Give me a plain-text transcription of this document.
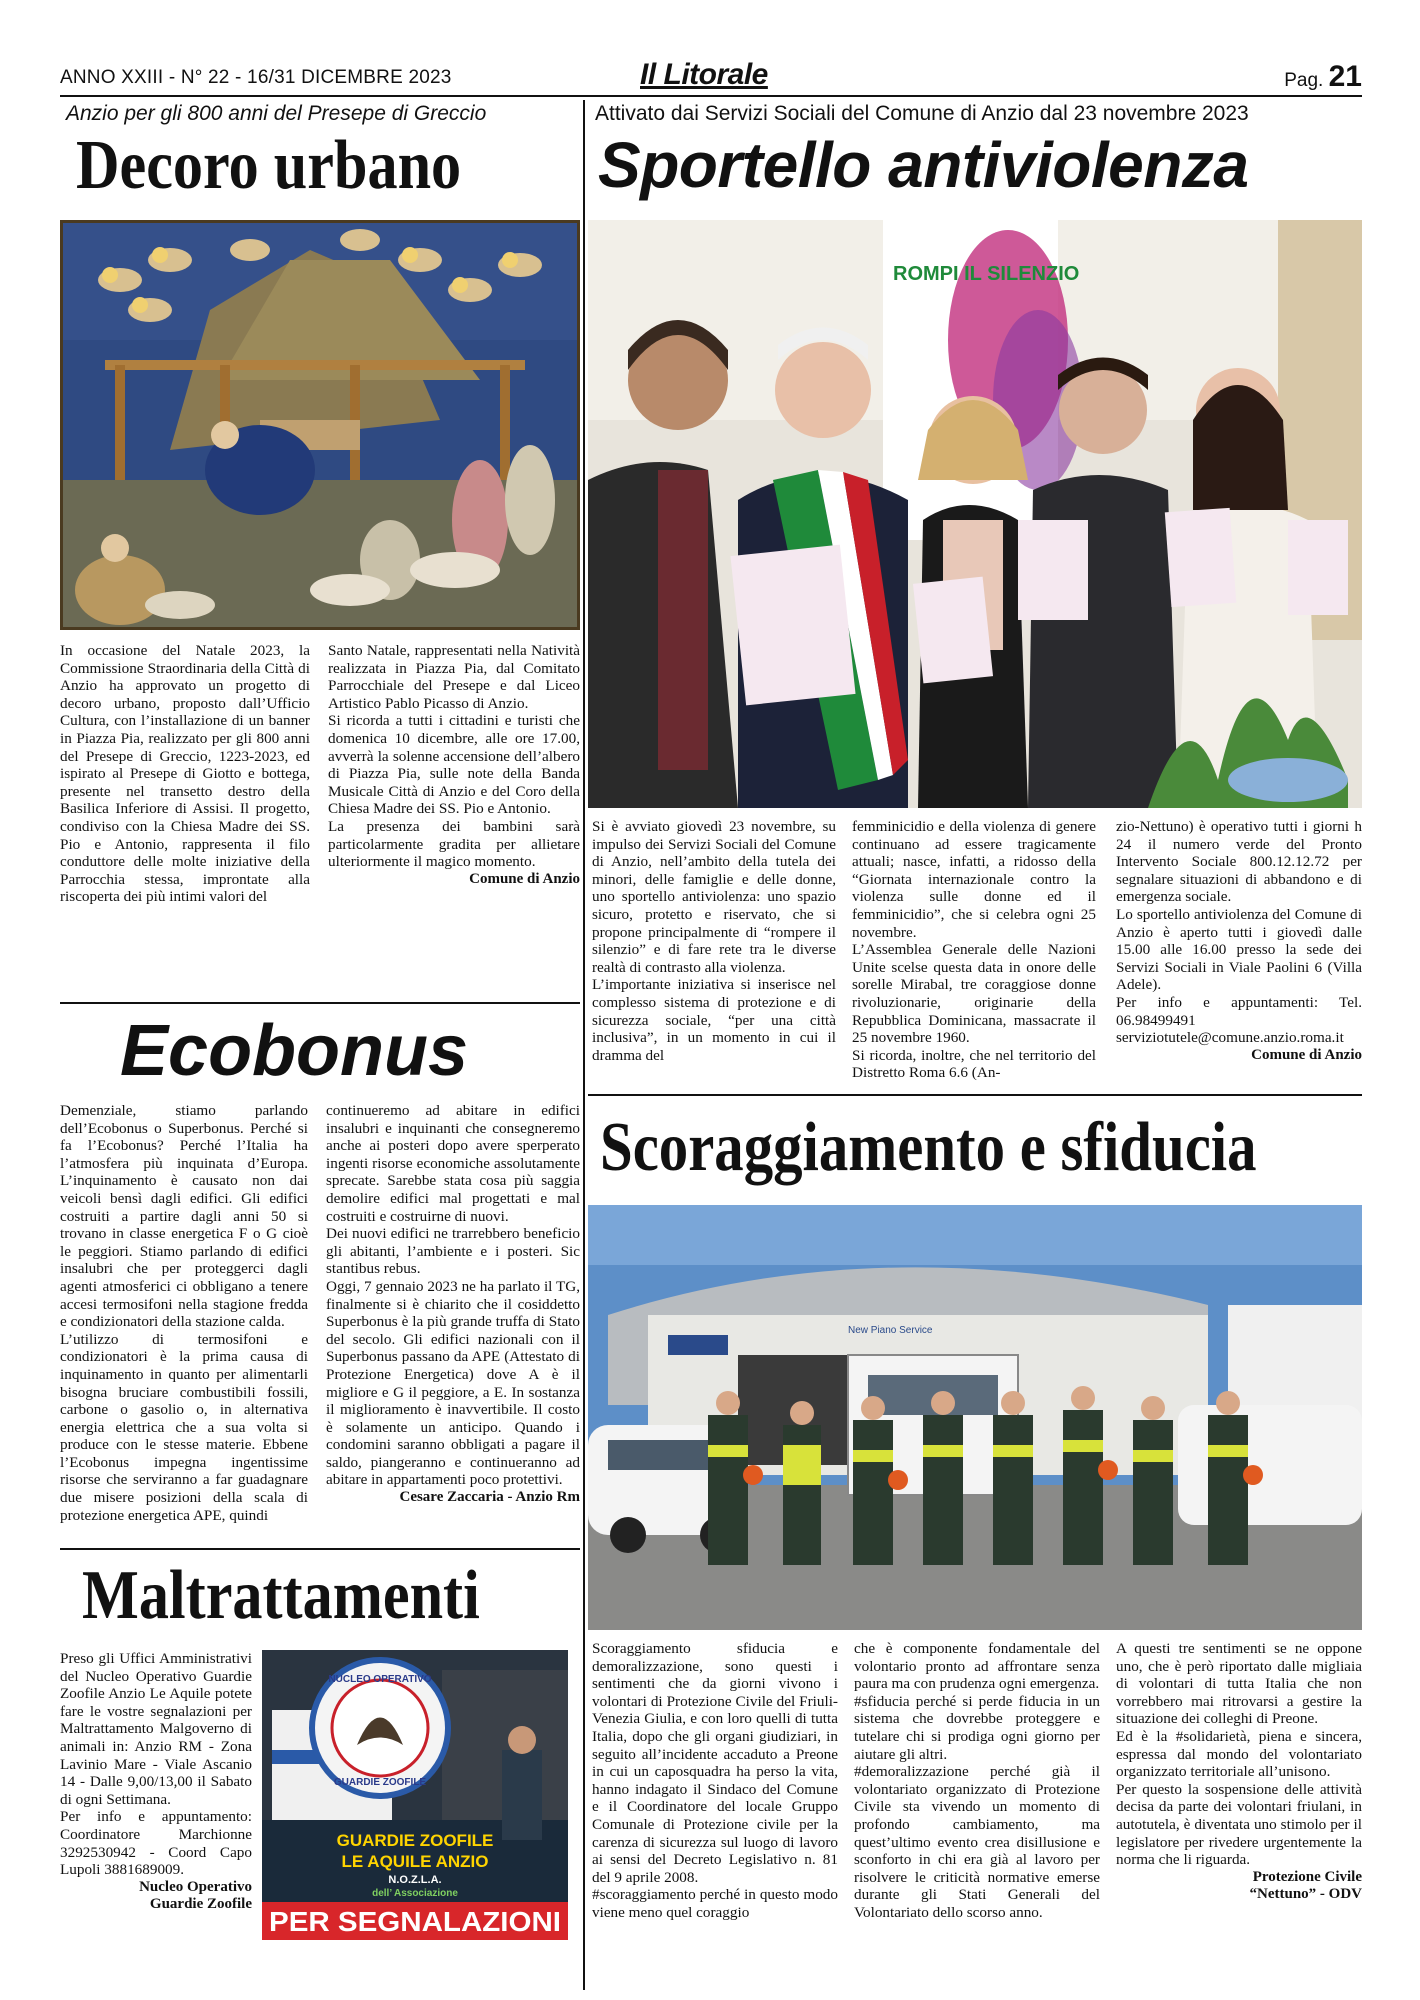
ANNO XXIII - N° 22 - 16/31 DICEMBRE 2023	Il Litorale	Pag. 21
Anzio per gli 800 anni del Presepe di Greccio
Decoro urbano

In occasione del Natale 2023, la Commissione Straordinaria della Città di Anzio ha approvato un progetto di decoro urbano, proposto dall’Ufficio Cultura, con l’installazione di un banner in Piazza Pia, realizzato per gli 800 anni del Presepe di Greccio, 1223-2023, ed ispirato al Presepe di Giotto e bottega, presente nel transetto destro della Basilica Inferiore di Assisi. Il progetto, condiviso con la Chiesa Madre dei SS. Pio e Antonio, rappresenta il filo conduttore delle molte iniziative della Parrocchia stessa, improntate alla riscoperta dei più intimi valori del

Santo Natale, rappresentati nella Natività realizzata in Piazza Pia, dal Comitato Parrocchiale del Presepe e dal Liceo Artistico Pablo Picasso di Anzio.

Si ricorda a tutti i cittadini e turisti che domenica 10 dicembre, alle ore 17.00, avverrà la solenne accensione dell’albero di Piazza Pia, sulle note della Banda Musicale Città di Anzio e del Coro della Chiesa Madre dei SS. Pio e Antonio.

La presenza dei bambini sarà particolarmente gradita per allietare ulteriormente il magico momento.

Comune di Anzio
Attivato dai Servizi Sociali del Comune di Anzio dal 23 novembre 2023
Sportello antiviolenza
ROMPI IL SILENZIO

Si è avviato giovedì 23 novembre, su impulso dei Servizi Sociali del Comune di Anzio, nell’ambito della tutela dei minori, delle famiglie e delle donne, uno sportello antiviolenza: uno spazio sicuro, protetto e riservato, che si propone principalmente di “rompere il silenzio” e di fare rete tra le diverse realtà di contrasto alla violenza.

L’importante iniziativa si inserisce nel complesso sistema di protezione e di sicurezza sociale, “per una città inclusiva”, in un momento in cui il dramma del

femminicidio e della violenza di genere continuano ad essere tragicamente attuali; nasce, infatti, a ridosso della “Giornata internazionale contro la violenza sulle donne ed il femminicidio”, che si celebra ogni 25 novembre.

L’Assemblea Generale delle Nazioni Unite scelse questa data in onore delle sorelle Mirabal, tre coraggiose donne rivoluzionarie, originarie della Repubblica Dominicana, massacrate il 25 novembre 1960.

Si ricorda, inoltre, che nel territorio del Distretto Roma 6.6 (An-

zio-Nettuno) è operativo tutti i giorni h 24 il numero verde del Pronto Intervento Sociale 800.12.12.72 per segnalare situazioni di abbandono e di emergenza sociale.

Lo sportello antiviolenza del Comune di Anzio è aperto tutti i giovedì dalle 15.00 alle 16.00 presso la sede dei Servizi Sociali in Viale Paolini 6 (Villa Adele).

Per info e appuntamenti: Tel. 06.98499491

serviziotutele@comune.anzio.roma.it

Comune di Anzio
Ecobonus

Demenziale, stiamo parlando dell’Ecobonus o Superbonus. Perché si fa l’Ecobonus? Perché l’Italia ha l’atmosfera più inquinata d’Europa. L’inquinamento è causato non dai veicoli bensì dagli edifici. Gli edifici costruiti a partire dagli anni 50 si trovano in classe energetica F o G cioè le peggiori. Stiamo parlando di edifici insalubri che per proteggerci dagli agenti atmosferici ci obbligano a tenere accesi termosifoni nella stagione fredda e condizionatori della stazione calda.

L’utilizzo di termosifoni e condizionatori è la prima causa di inquinamento in quanto per alimentarli bisogna bruciare combustibili fossili, carbone o gasolio o, in alternativa energia elettrica che a sua volta si produce con le stesse materie. Ebbene l’Ecobonus impegna ingentissime risorse che serviranno a far guadagnare due misere posizioni della scala di protezione energetica APE, quindi

continueremo ad abitare in edifici insalubri e inquinanti che consegneremo anche ai posteri dopo avere sperperato ingenti risorse economiche assolutamente sprecate. Sarebbe stata cosa più saggia demolire edifici mal progettati e mal costruiti e costruirne di nuovi.

Dei nuovi edifici ne trarrebbero beneficio gli abitanti, l’ambiente e i posteri. Sic stantibus rebus.

Oggi, 7 gennaio 2023 ne ha parlato il TG, finalmente si è chiarito che il cosiddetto Superbonus è la più grande truffa di Stato del secolo. Gli edifici nazionali con il Superbonus passano da APE (Attestato di Protezione Energetica) dove A è il migliore e G il peggiore, a E. In sostanza il miglioramento è inavvertibile. Il costo è solamente un anticipo. Quando i condomini saranno obbligati a pagare il saldo, piangeranno e continueranno ad abitare in appartamenti poco protettivi.

Cesare Zaccaria - Anzio Rm
Maltrattamenti

Preso gli Uffici Amministrativi del Nucleo Operativo Guardie Zoofile Anzio Le Aquile potete fare le vostre segnalazioni per Maltrattamento Malgoverno di animali in: Anzio RM - Zona Lavinio Mare - Viale Ascanio 14 - Dalle 9,00/13,00 il Sabato di ogni Settimana.

Per info e appuntamento: Coordinatore Marchionne 3292530942 - Coord Capo Lupoli 3881689009.

Nucleo Operativo
Guardie Zoofile
NUCLEO OPERATIVO
GUARDIE ZOOFILE
GUARDIE ZOOFILE
LE AQUILE ANZIO
N.O.Z.L.A.
dell’ Associazione
PER SEGNALAZIONI
Scoraggiamento e sfiducia
New Piano Service

Scoraggiamento sfiducia e demoralizzazione, sono questi i sentimenti che da giorni vivono i volontari di Protezione Civile del Friuli-Venezia Giulia, e con loro quelli di tutta Italia, dopo che gli organi giudiziari, in seguito all’incidente accaduto a Preone in cui un caposquadra ha perso la vita, hanno indagato il Sindaco del Comune e il Coordinatore del locale Gruppo Comunale di Protezione civile per la carenza di sicurezza sul luogo di lavoro ai sensi del Decreto Legislativo n. 81 del 9 aprile 2008.

#scoraggiamento perché in questo modo viene meno quel coraggio

che è componente fondamentale del volontario pronto ad affrontare senza paura ma con prudenza ogni emergenza.

#sfiducia perché si perde fiducia in un sistema che dovrebbe proteggere e tutelare chi si prodiga ogni giorno per aiutare gli altri.

#demoralizzazione perché già il volontariato organizzato di Protezione Civile sta vivendo un momento di profondo cambiamento, ma quest’ultimo evento crea disillusione e sconforto in chi era già al lavoro per risolvere le criticità normative emerse durante gli Stati Generali del Volontariato dello scorso anno.

A questi tre sentimenti se ne oppone uno, che è però riportato dalle migliaia di volontari di tutta Italia che non vorrebbero mai ritrovarsi a gestire la situazione dei colleghi di Preone.

Ed è la #solidarietà, piena e sincera, espressa dal mondo del volontariato organizzato territoriale all’unisono.

Per questo la sospensione delle attività decisa da parte dei volontari friulani, in autotutela, è diventata uno stimolo per il legislatore per rivedere urgentemente la norma che li riguarda.

Protezione Civile
“Nettuno” - ODV
